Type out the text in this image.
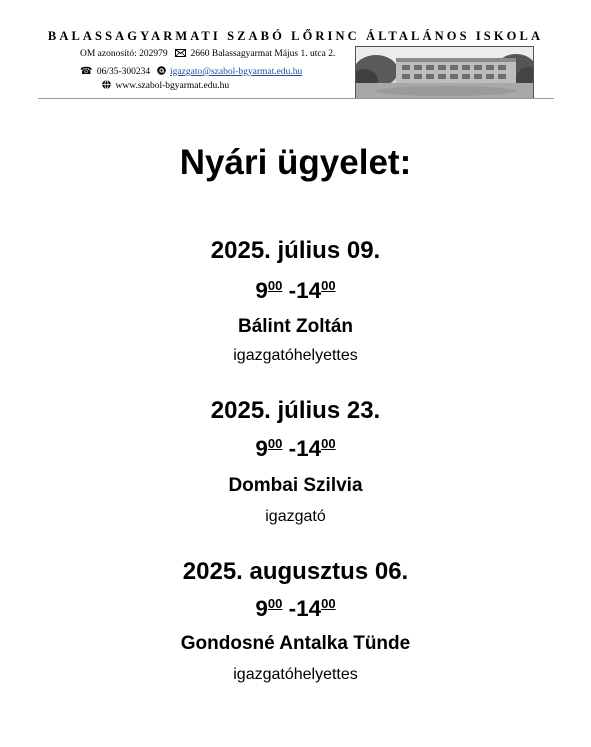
BALASSAGYARMATI SZABÓ LŐRINC ÁLTALÁNOS ISKOLA
OM azonosító: 202979 2660 Balassagyarmat Május 1. utca 2.
☎ 06/35-300234 igazgato@szabol-bgyarmat.edu.hu
www.szabol-bgyarmat.edu.hu
Nyári ügyelet:
2025. július 09.
$9^{00}$ $-14^{00}$
Bálint Zoltán
igazgatóhelyettes
2025. július 23.
$9^{00}$ $-14^{00}$
Dombai Szilvia
igazgató
2025. augusztus 06.
$9^{00}$ $-14^{00}$
Gondosné Antalka Tünde
igazgatóhelyettes
